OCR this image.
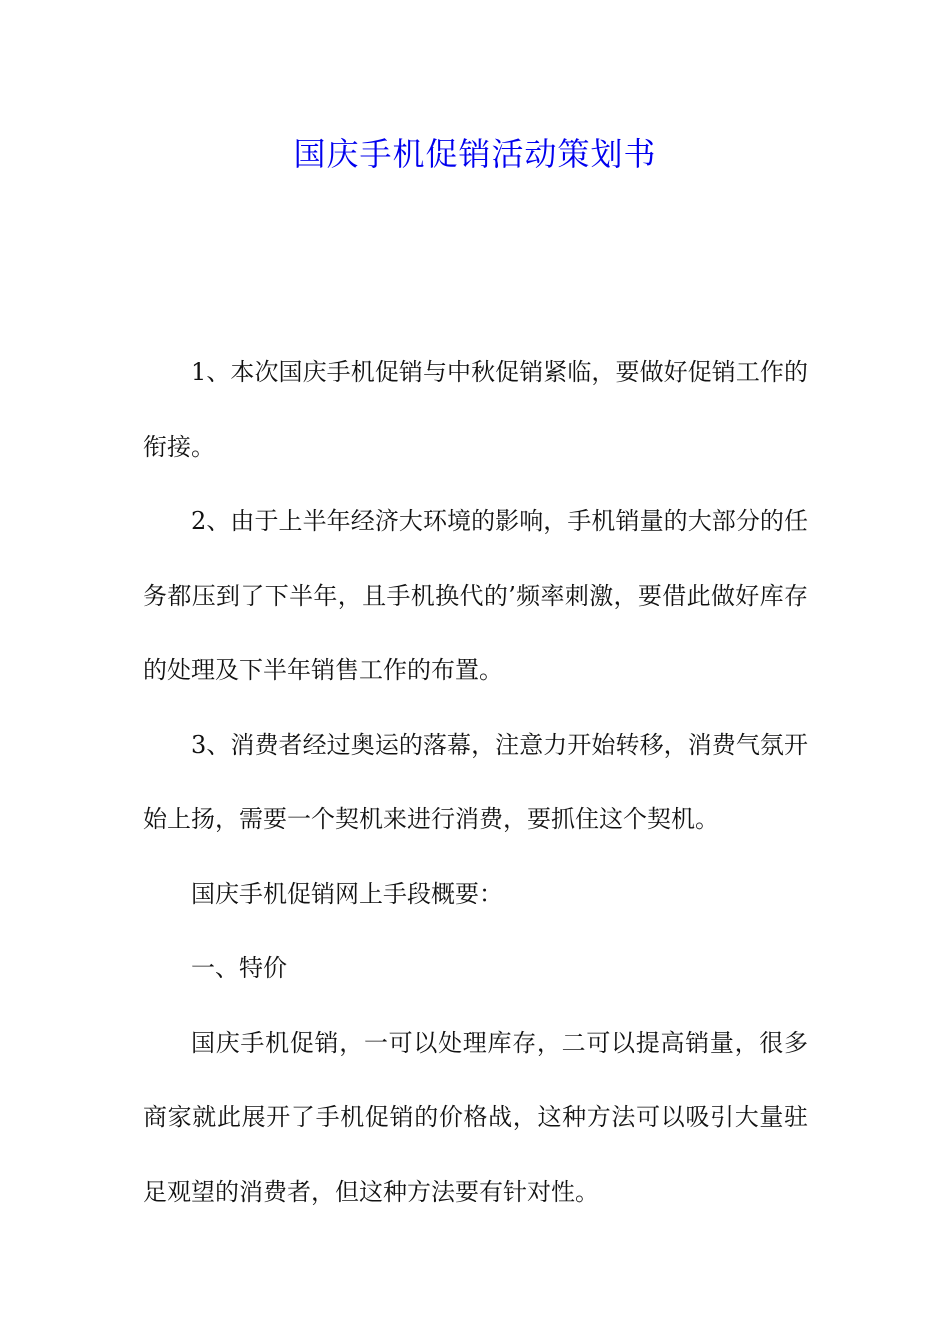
国庆手机促销活动策划书

1、本次国庆手机促销与中秋促销紧临，要做好促销工作的衔接。

2、由于上半年经济大环境的影响，手机销量的大部分的任务都压到了下半年，且手机换代的’频率刺激，要借此做好库存的处理及下半年销售工作的布置。

3、消费者经过奥运的落幕，注意力开始转移，消费气氛开始上扬，需要一个契机来进行消费，要抓住这个契机。

国庆手机促销网上手段概要：

一、特价

国庆手机促销，一可以处理库存，二可以提高销量，很多商家就此展开了手机促销的价格战，这种方法可以吸引大量驻足观望的消费者，但这种方法要有针对性。
